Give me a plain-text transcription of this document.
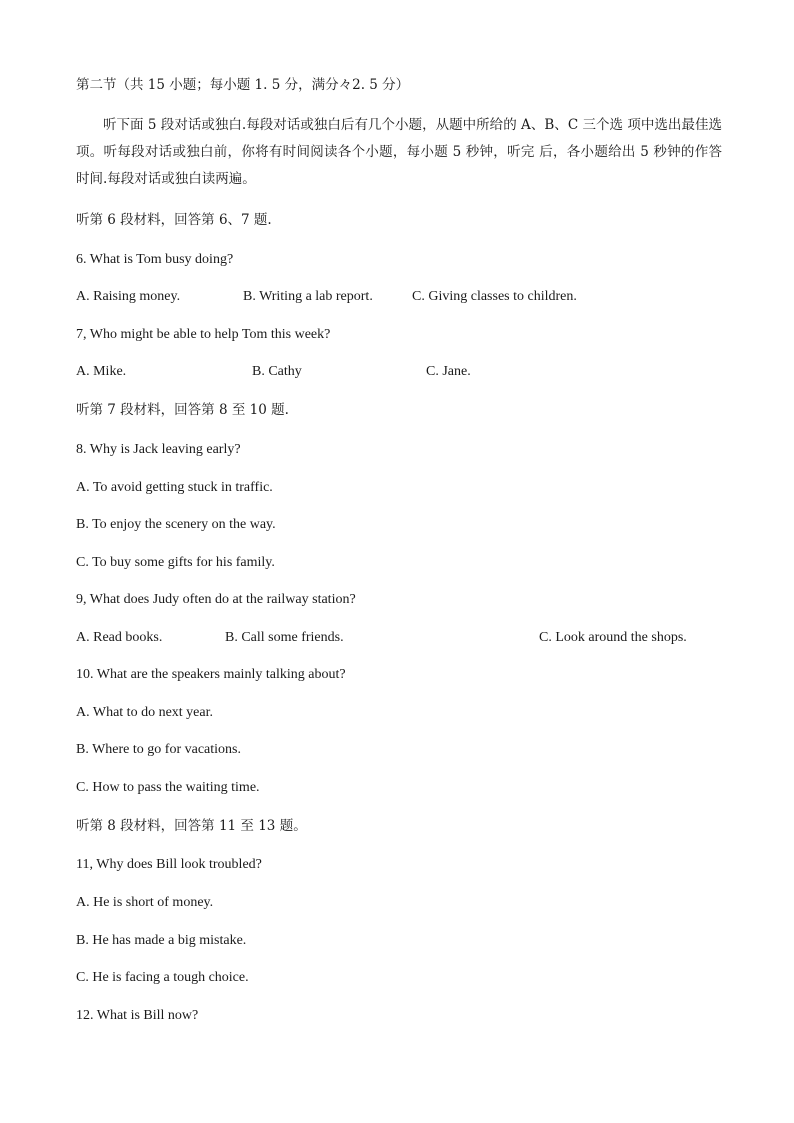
第二节（共 15 小题；每小题 1. 5 分，满分々2. 5 分）
听下面 5 段对话或独白.每段对话或独白后有几个小题，从题中所给的 A、B、C 三个选 项中选出最佳选项。听每段对话或独白前，你将有时间阅读各个小题，每小题 5 秒钟，听完 后，各小题给出 5 秒钟的作答时间.每段对话或独白读两遍。
听第 6 段材料，回答第 6、7 题.
6. What is Tom busy doing?
A. Raising money.	B. Writing a lab report.	C. Giving classes to children.
7, Who might be able to help Tom this week?
A. Mike.	B. Cathy	C. Jane.
听第 7 段材料，回答第 8 至 10 题.
8. Why is Jack leaving early?
A. To avoid getting stuck in traffic.
B. To enjoy the scenery on the way.
C. To buy some gifts for his family.
9, What does Judy often do at the railway station?
A. Read books.	B. Call some friends.	C. Look around the shops.
10. What are the speakers mainly talking about?
A. What to do next year.
B. Where to go for vacations.
C. How to pass the waiting time.
听第 8 段材料，回答第 11 至 13 题。
11, Why does Bill look troubled?
A. He is short of money.
B. He has made a big mistake.
C. He is facing a tough choice.
12. What is Bill now?
